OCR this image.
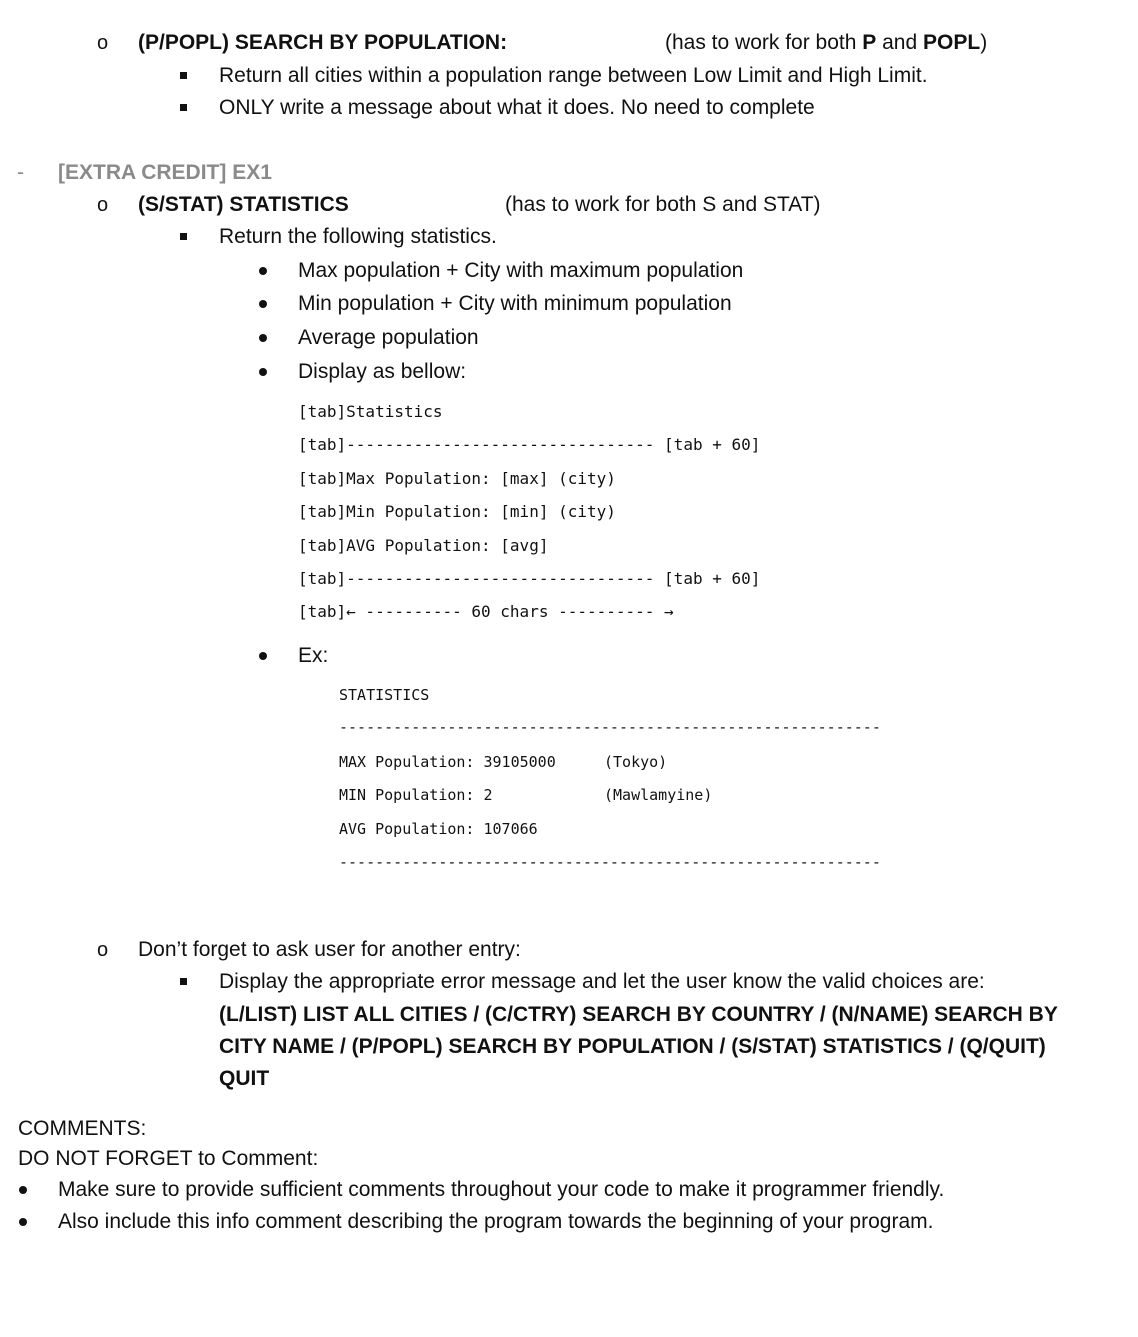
o (P/POPL) SEARCH BY POPULATION:	(has to work for both P and POPL)
Return all cities within a population range between Low Limit and High Limit.
ONLY write a message about what it does. No need to complete
- [EXTRA CREDIT] EX1
o (S/STAT) STATISTICS	(has to work for both S and STAT)
Return the following statistics.
Max population + City with maximum population
Min population + City with minimum population
Average population
Display as bellow:
[tab]Statistics
[tab]-------------------------------- [tab + 60]
[tab]Max Population: [max] (city)
[tab]Min Population: [min] (city)
[tab]AVG Population: [avg]
[tab]-------------------------------- [tab + 60]
[tab]← ---------- 60 chars ---------- →
Ex:
STATISTICS
------------------------------------------------------------
MAX Population: 39105000	(Tokyo)
MIN Population: 2	(Mawlamyine)
AVG Population: 107066
------------------------------------------------------------
o Don’t forget to ask user for another entry:
Display the appropriate error message and let the user know the valid choices are:
(L/LIST) LIST ALL CITIES / (C/CTRY) SEARCH BY COUNTRY / (N/NAME) SEARCH BY
CITY NAME / (P/POPL) SEARCH BY POPULATION / (S/STAT) STATISTICS / (Q/QUIT)
QUIT
COMMENTS:
DO NOT FORGET to Comment:
Make sure to provide sufficient comments throughout your code to make it programmer friendly.
Also include this info comment describing the program towards the beginning of your program.
